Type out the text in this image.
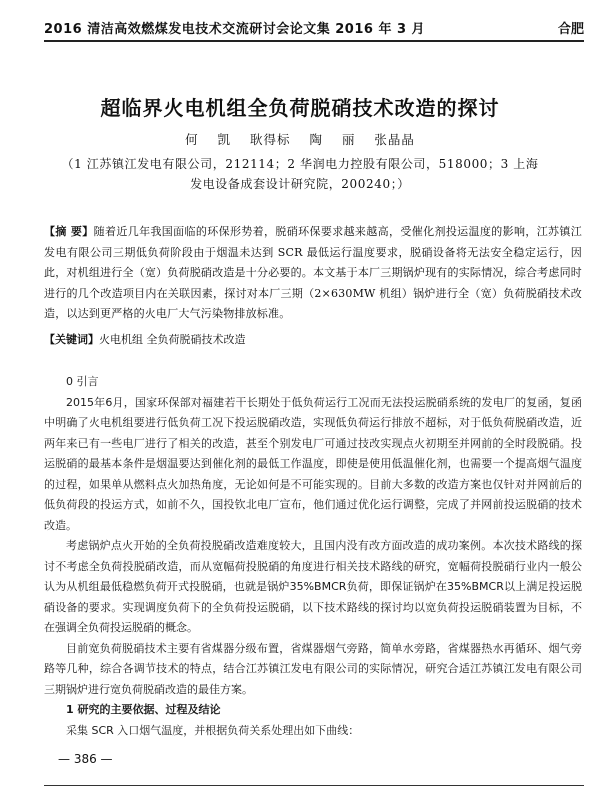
2016 清洁高效燃煤发电技术交流研讨会论文集 2016 年 3 月	合肥
超临界火电机组全负荷脱硝技术改造的探讨
何 凯 耿得标 陶 丽 张晶晶
（1 江苏镇江发电有限公司，212114；2 华润电力控股有限公司，518000；3 上海发电设备成套设计研究院，200240；）
【摘 要】随着近几年我国面临的环保形势着，脱硝环保要求越来越高，受催化剂投运温度的影响，江苏镇江发电有限公司三期低负荷阶段由于烟温未达到 SCR 最低运行温度要求，脱硝设备将无法安全稳定运行，因此，对机组进行全（宽）负荷脱硝改造是十分必要的。本文基于本厂三期锅炉现有的实际情况，综合考虑同时进行的几个改造项目内在关联因素，探讨对本厂三期（2×630MW 机组）锅炉进行全（宽）负荷脱硝技术改造，以达到更严格的火电厂大气污染物排放标准。
【关键词】火电机组 全负荷脱硝技术改造

0 引言

2015年6月，国家环保部对福建若干长期处于低负荷运行工况而无法投运脱硝系统的发电厂的复函，复函中明确了火电机组要进行低负荷工况下投运脱硝改造，实现低负荷运行排放不超标，对于低负荷脱硝改造，近两年来已有一些电厂进行了相关的改造，甚至个别发电厂可通过技改实现点火初期至并网前的全时段脱硝。投运脱硝的最基本条件是烟温要达到催化剂的最低工作温度，即使是使用低温催化剂，也需要一个提高烟气温度的过程，如果单从燃料点火加热角度，无论如何是不可能实现的。目前大多数的改造方案也仅针对并网前后的低负荷段的投运方式，如前不久，国投钦北电厂宣布，他们通过优化运行调整，完成了并网前投运脱硝的技术改造。

考虑锅炉点火开始的全负荷投脱硝改造难度较大，且国内没有改方面改造的成功案例。本次技术路线的探讨不考虑全负荷投脱硝改造，而从宽幅荷投脱硝的角度进行相关技术路线的研究，宽幅荷投脱硝行业内一般公认为从机组最低稳燃负荷开式投脱硝，也就是锅炉35%BMCR负荷，即保证锅炉在35%BMCR以上满足投运脱硝设备的要求。实现调度负荷下的全负荷投运脱硝，以下技术路线的探讨均以宽负荷投运脱硝装置为目标，不在强调全负荷投运脱硝的概念。

目前宽负荷脱硝技术主要有省煤器分级布置，省煤器烟气旁路，简单水旁路，省煤器热水再循环、烟气旁路等几种，综合各调节技术的特点，结合江苏镇江发电有限公司的实际情况，研究合适江苏镇江发电有限公司三期锅炉进行宽负荷脱硝改造的最佳方案。

1 研究的主要依据、过程及结论

采集 SCR 入口烟气温度，并根据负荷关系处理出如下曲线：

— 386 —
